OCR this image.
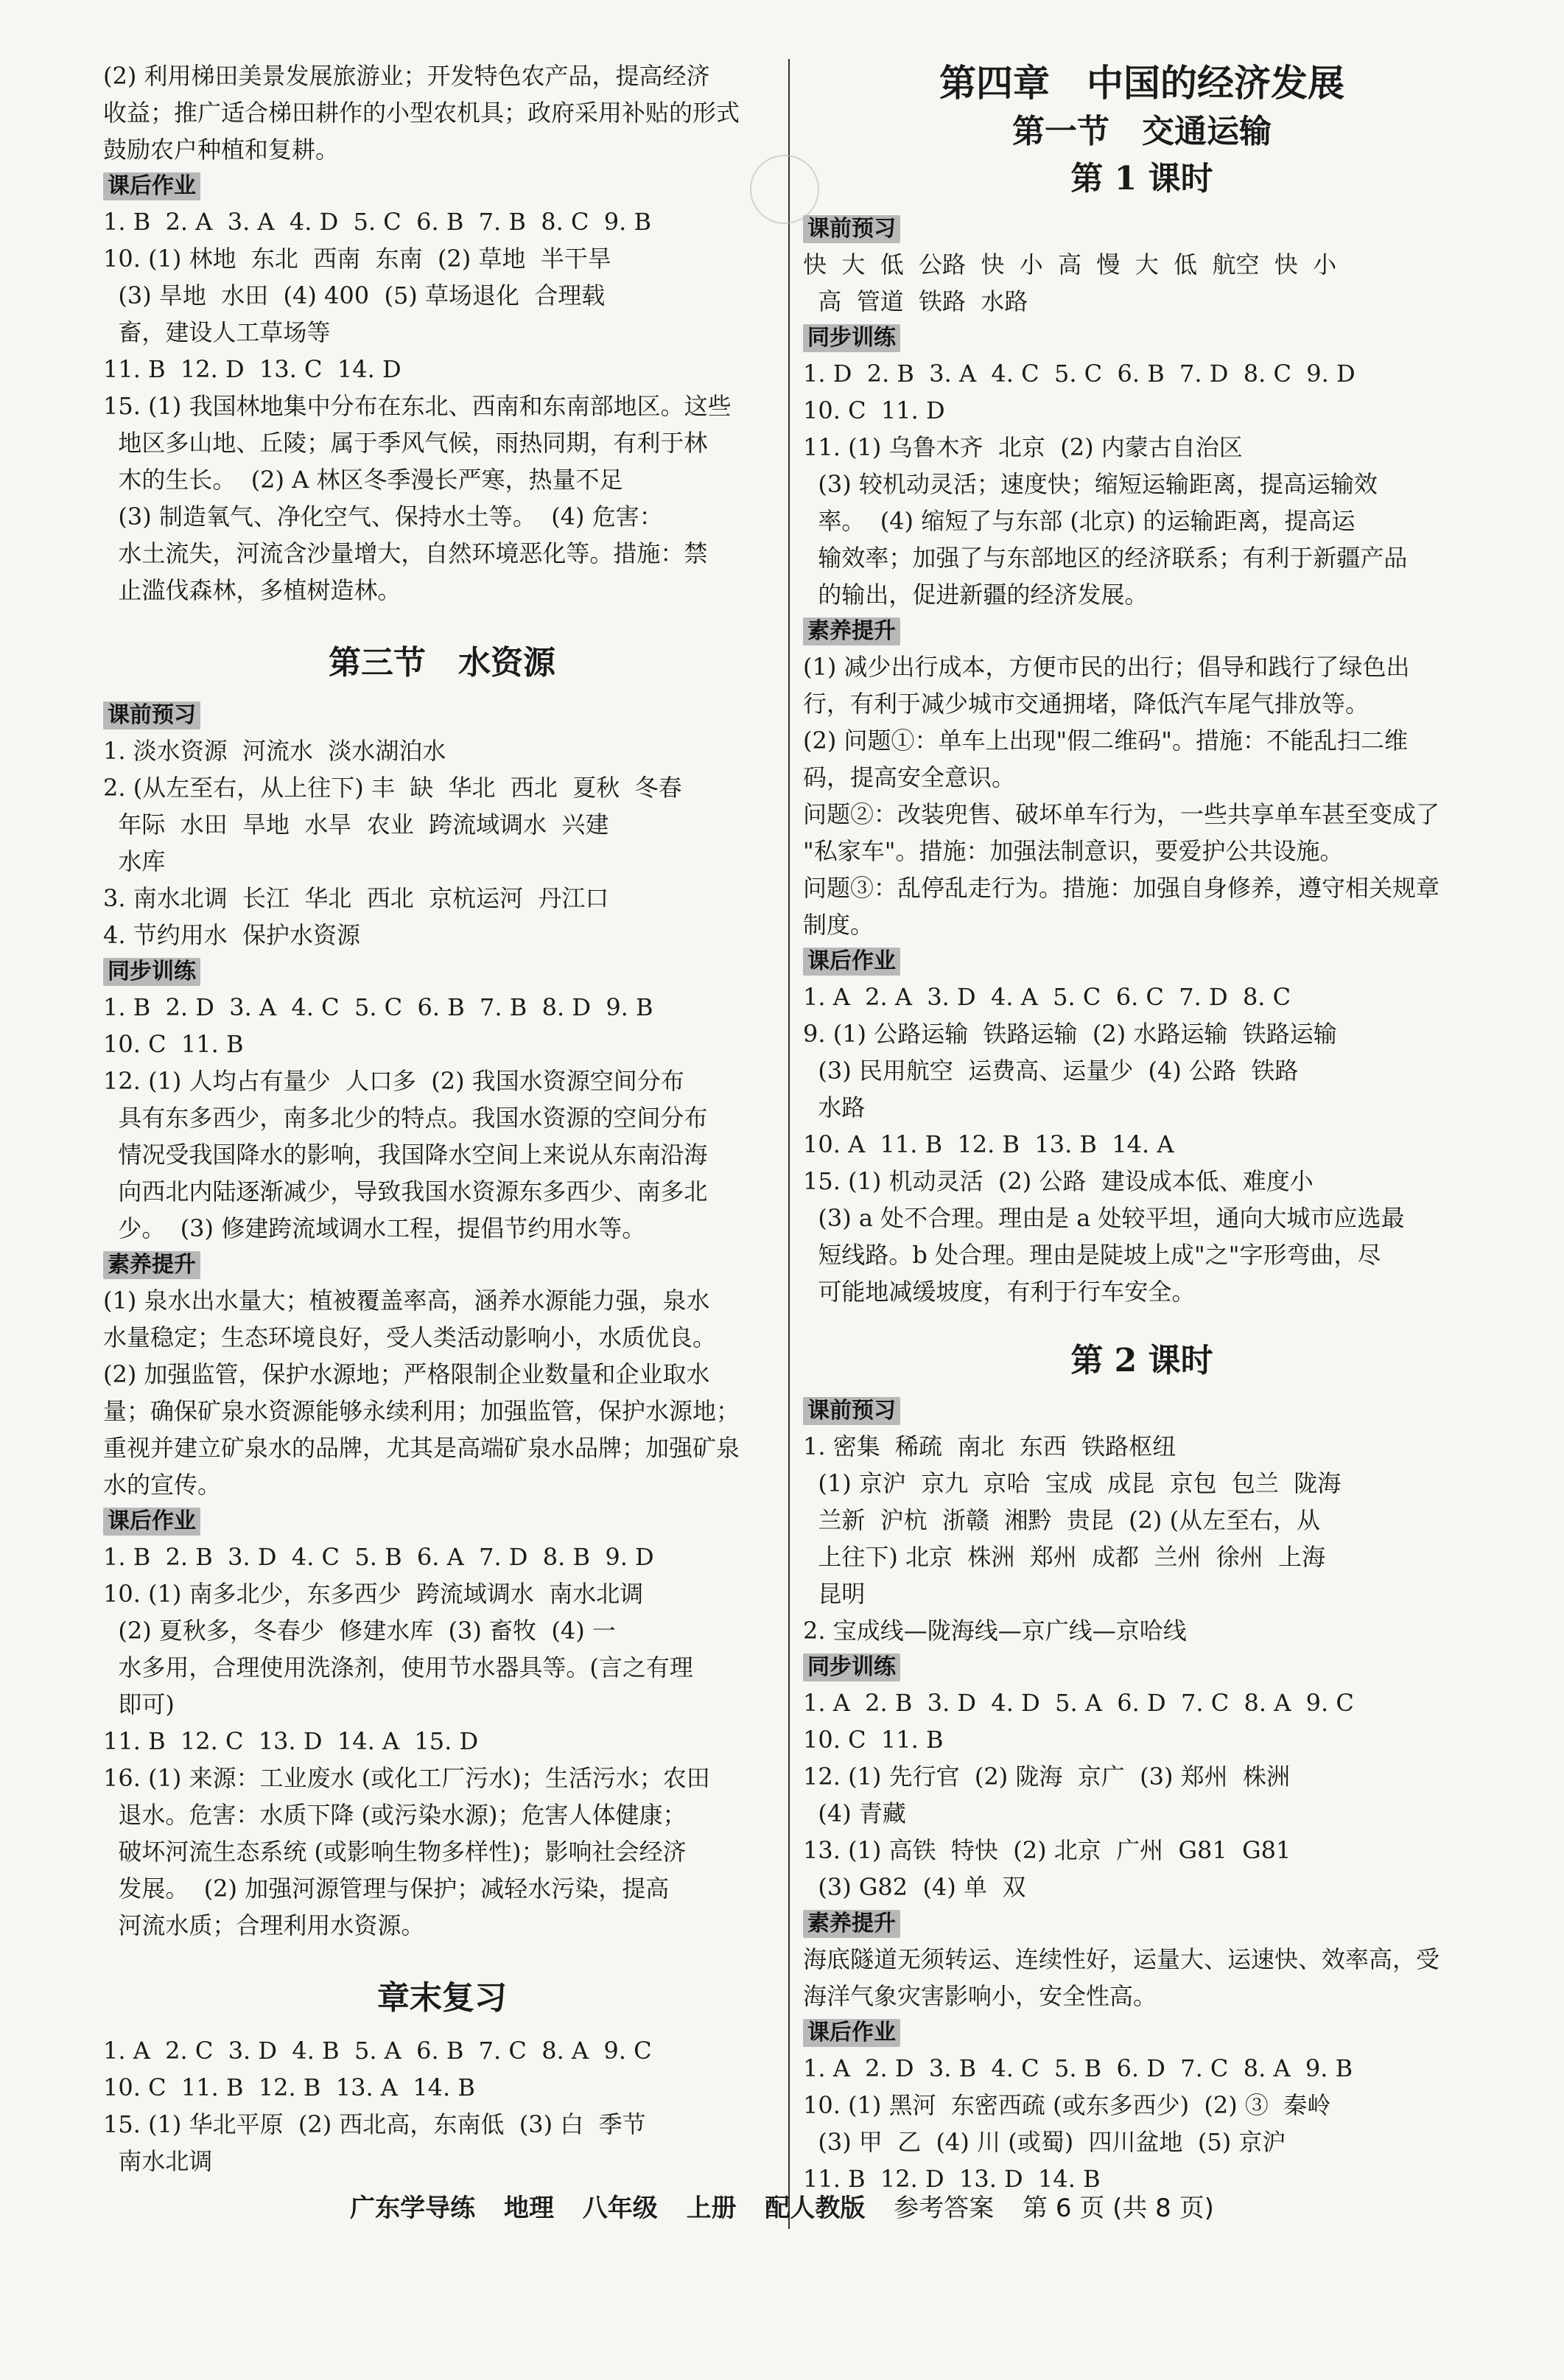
(2) 利用梯田美景发展旅游业；开发特色农产品，提高经济
收益；推广适合梯田耕作的小型农机具；政府采用补贴的形式
鼓励农户种植和复耕。
课后作业
1. B  2. A  3. A  4. D  5. C  6. B  7. B  8. C  9. B
10. (1) 林地  东北  西南  东南  (2) 草地  半干旱
(3) 旱地  水田  (4) 400  (5) 草场退化  合理载
畜，建设人工草场等
11. B  12. D  13. C  14. D
15. (1) 我国林地集中分布在东北、西南和东南部地区。这些
地区多山地、丘陵；属于季风气候，雨热同期，有利于林
木的生长。  (2) A 林区冬季漫长严寒，热量不足
(3) 制造氧气、净化空气、保持水土等。  (4) 危害：
水土流失，河流含沙量增大，自然环境恶化等。措施：禁
止滥伐森林，多植树造林。
第三节　水资源
课前预习
1. 淡水资源  河流水  淡水湖泊水
2. (从左至右，从上往下) 丰  缺  华北  西北  夏秋  冬春
年际  水田  旱地  水旱  农业  跨流域调水  兴建
水库
3. 南水北调  长江  华北  西北  京杭运河  丹江口
4. 节约用水  保护水资源
同步训练
1. B  2. D  3. A  4. C  5. C  6. B  7. B  8. D  9. B
10. C  11. B
12. (1) 人均占有量少  人口多  (2) 我国水资源空间分布
具有东多西少，南多北少的特点。我国水资源的空间分布
情况受我国降水的影响，我国降水空间上来说从东南沿海
向西北内陆逐渐减少，导致我国水资源东多西少、南多北
少。  (3) 修建跨流域调水工程，提倡节约用水等。
素养提升
(1) 泉水出水量大；植被覆盖率高，涵养水源能力强，泉水
水量稳定；生态环境良好，受人类活动影响小，水质优良。
(2) 加强监管，保护水源地；严格限制企业数量和企业取水
量；确保矿泉水资源能够永续利用；加强监管，保护水源地；
重视并建立矿泉水的品牌，尤其是高端矿泉水品牌；加强矿泉
水的宣传。
课后作业
1. B  2. B  3. D  4. C  5. B  6. A  7. D  8. B  9. D
10. (1) 南多北少，东多西少  跨流域调水  南水北调
(2) 夏秋多，冬春少  修建水库  (3) 畜牧  (4) 一
水多用，合理使用洗涤剂，使用节水器具等。(言之有理
即可)
11. B  12. C  13. D  14. A  15. D
16. (1) 来源：工业废水 (或化工厂污水)；生活污水；农田
退水。危害：水质下降 (或污染水源)；危害人体健康；
破坏河流生态系统 (或影响生物多样性)；影响社会经济
发展。  (2) 加强河源管理与保护；减轻水污染，提高
河流水质；合理利用水资源。
章末复习
1. A  2. C  3. D  4. B  5. A  6. B  7. C  8. A  9. C
10. C  11. B  12. B  13. A  14. B
15. (1) 华北平原  (2) 西北高，东南低  (3) 白  季节
南水北调
第四章　中国的经济发展
第一节　交通运输
第 1 课时
课前预习
快  大  低  公路  快  小  高  慢  大  低  航空  快  小
高  管道  铁路  水路
同步训练
1. D  2. B  3. A  4. C  5. C  6. B  7. D  8. C  9. D
10. C  11. D
11. (1) 乌鲁木齐  北京  (2) 内蒙古自治区
(3) 较机动灵活；速度快；缩短运输距离，提高运输效
率。  (4) 缩短了与东部 (北京) 的运输距离，提高运
输效率；加强了与东部地区的经济联系；有利于新疆产品
的输出，促进新疆的经济发展。
素养提升
(1) 减少出行成本，方便市民的出行；倡导和践行了绿色出
行，有利于减少城市交通拥堵，降低汽车尾气排放等。
(2) 问题①：单车上出现"假二维码"。措施：不能乱扫二维
码，提高安全意识。
问题②：改装兜售、破坏单车行为，一些共享单车甚至变成了
"私家车"。措施：加强法制意识，要爱护公共设施。
问题③：乱停乱走行为。措施：加强自身修养，遵守相关规章
制度。
课后作业
1. A  2. A  3. D  4. A  5. C  6. C  7. D  8. C
9. (1) 公路运输  铁路运输  (2) 水路运输  铁路运输
(3) 民用航空  运费高、运量少  (4) 公路  铁路
水路
10. A  11. B  12. B  13. B  14. A
15. (1) 机动灵活  (2) 公路  建设成本低、难度小
(3) a 处不合理。理由是 a 处较平坦，通向大城市应选最
短线路。b 处合理。理由是陡坡上成"之"字形弯曲，尽
可能地减缓坡度，有利于行车安全。
第 2 课时
课前预习
1. 密集  稀疏  南北  东西  铁路枢纽
(1) 京沪  京九  京哈  宝成  成昆  京包  包兰  陇海
兰新  沪杭  浙赣  湘黔  贵昆  (2) (从左至右，从
上往下) 北京  株洲  郑州  成都  兰州  徐州  上海
昆明
2. 宝成线—陇海线—京广线—京哈线
同步训练
1. A  2. B  3. D  4. D  5. A  6. D  7. C  8. A  9. C
10. C  11. B
12. (1) 先行官  (2) 陇海  京广  (3) 郑州  株洲
(4) 青藏
13. (1) 高铁  特快  (2) 北京  广州  G81  G81
(3) G82  (4) 单  双
素养提升
海底隧道无须转运、连续性好，运量大、运速快、效率高，受
海洋气象灾害影响小，安全性高。
课后作业
1. A  2. D  3. B  4. C  5. B  6. D  7. C  8. A  9. B
10. (1) 黑河  东密西疏 (或东多西少)  (2) ③  秦岭
(3) 甲  乙  (4) 川 (或蜀)  四川盆地  (5) 京沪
11. B  12. D  13. D  14. B
广东学导练 地理 八年级 上册 配人教版 参考答案 第 6 页 (共 8 页)
